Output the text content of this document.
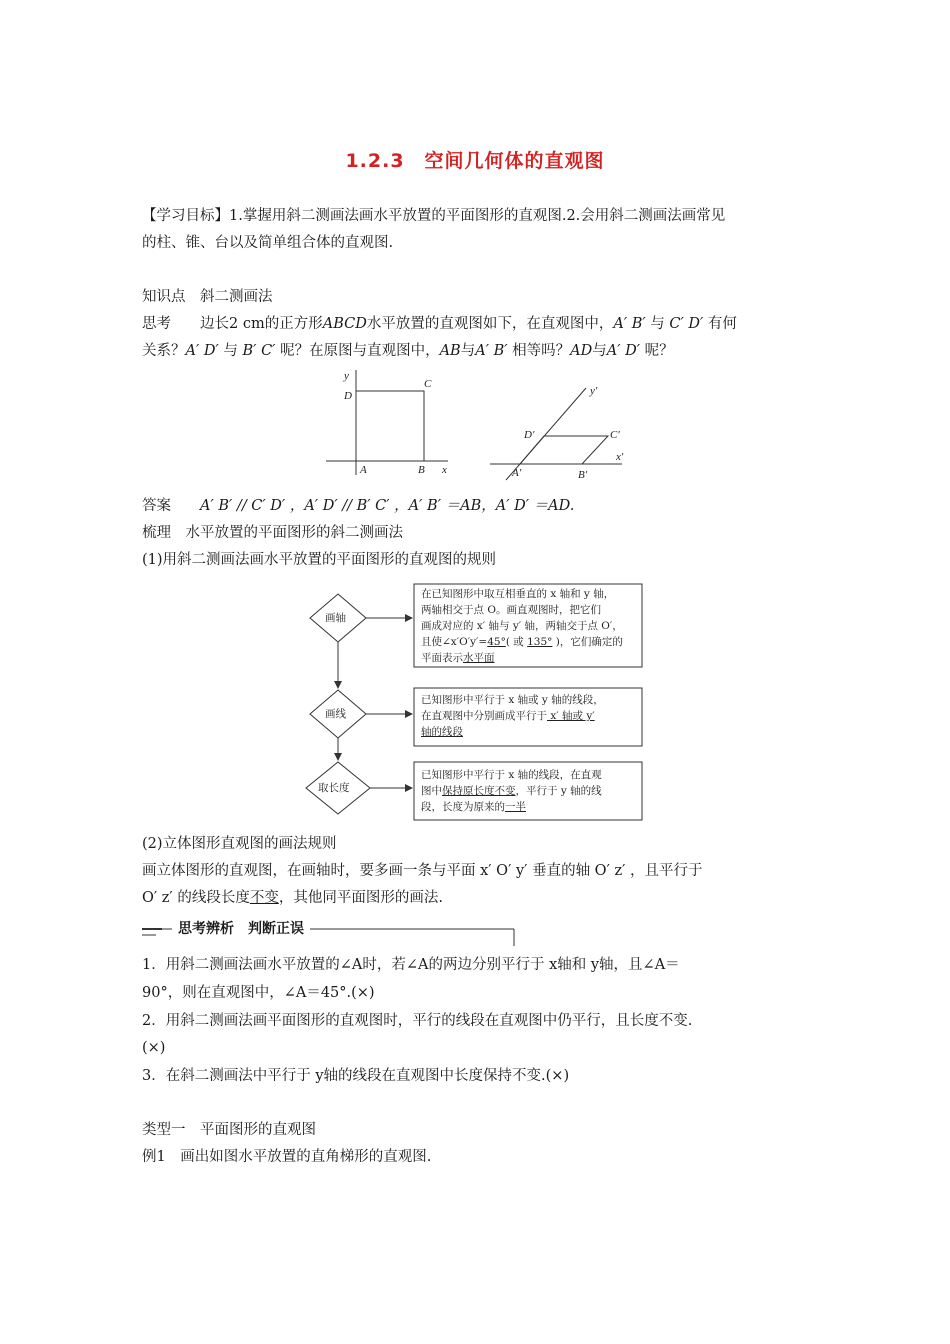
1.2.3　空间几何体的直观图
【学习目标】1.掌握用斜二测画法画水平放置的平面图形的直观图.2.会用斜二测画法画常见
的柱、锥、台以及简单组合体的直观图.
知识点　斜二测画法
思考　　 边长2 cm的正方形ABCD水平放置的直观图如下，在直观图中，A′ B′ 与 C′ D′ 有何
关系？A′ D′ 与 B′ C′ 呢？在原图与直观图中，AB与A′ B′ 相等吗？AD与A′ D′ 呢？
y
x
A	B
C
D	y′
x′
A′	B′
C′
D′
答案　　 A′ B′ // C′ D′ ，A′ D′ // B′ C′ ，A′ B′ ＝AB，A′ D′ ＝AD.
梳理　水平放置的平面图形的斜二测画法
(1)用斜二测画法画水平放置的平面图形的直观图的规则
画轴
画线
取长度
在已知图形中取互相垂直的 x 轴和 y 轴，
两轴相交于点 O。画直观图时，把它们
画成对应的 x′ 轴与 y′ 轴，两轴交于点 O′，
且使∠x′O′y′=45°( 或 135° )，它们确定的
平面表示水平面
已知图形中平行于 x 轴或 y 轴的线段，
在直观图中分别画成平行于 x′ 轴或 y′
轴的线段
已知图形中平行于 x 轴的线段，在直观
图中保持原长度不变，平行于 y 轴的线
段，长度为原来的一半
(2)立体图形直观图的画法规则
画立体图形的直观图，在画轴时，要多画一条与平面 x′ O′ y′ 垂直的轴 O′ z′ ，且平行于
O′ z′ 的线段长度不变，其他同平面图形的画法.
思考辨析　判断正误
1．用斜二测画法画水平放置的∠A时，若∠A的两边分别平行于 x轴和 y轴，且∠A＝
90°，则在直观图中，∠A＝45°.(×)
2．用斜二测画法画平面图形的直观图时，平行的线段在直观图中仍平行，且长度不变.
(×)
3．在斜二测画法中平行于 y轴的线段在直观图中长度保持不变.(×)
类型一　平面图形的直观图
例1　画出如图水平放置的直角梯形的直观图.
